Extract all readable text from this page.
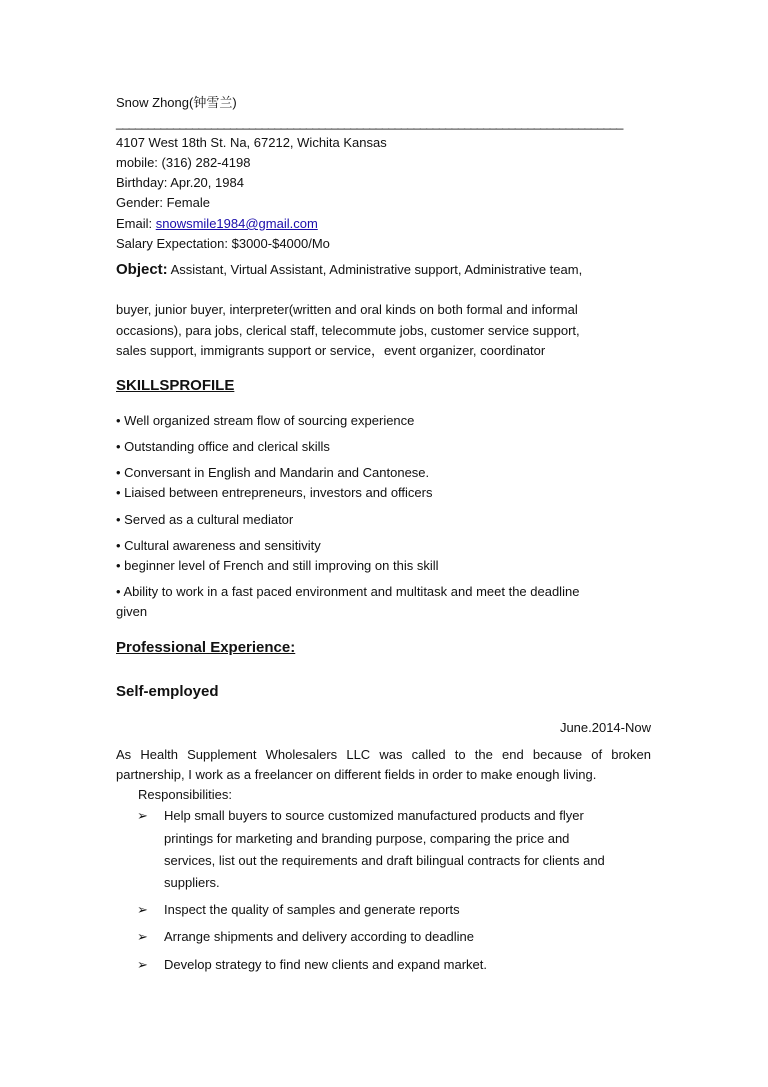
Snow Zhong(钟雪兰)
________________________________________________________________________________
4107 West 18th St. Na, 67212, Wichita Kansas
mobile: (316) 282-4198
Birthday: Apr.20, 1984
Gender: Female
Email: snowsmile1984@gmail.com
Salary Expectation: $3000-$4000/Mo
Object: Assistant, Virtual Assistant, Administrative support, Administrative team,
buyer, junior buyer, interpreter(written and oral kinds on both formal and informal
occasions), para jobs, clerical staff, telecommute jobs, customer service support,
sales support, immigrants support or service，event organizer, coordinator
SKILLSPROFILE
• Well organized stream flow of sourcing experience
• Outstanding office and clerical skills
• Conversant in English and Mandarin and Cantonese.
• Liaised between entrepreneurs, investors and officers
• Served as a cultural mediator
• Cultural awareness and sensitivity
• beginner level of French and still improving on this skill
• Ability to work in a fast paced environment and multitask and meet the deadline
given
Professional Experience:
Self-employed
June.2014-Now
As Health Supplement Wholesalers LLC was called to the end because of broken
partnership, I work as a freelancer on different fields in order to make enough living.
Responsibilities:
➢ Help small buyers to source customized manufactured products and flyer
printings for marketing and branding purpose, comparing the price and
services, list out the requirements and draft bilingual contracts for clients and
suppliers.
➢ Inspect the quality of samples and generate reports
➢ Arrange shipments and delivery according to deadline
➢ Develop strategy to find new clients and expand market.
